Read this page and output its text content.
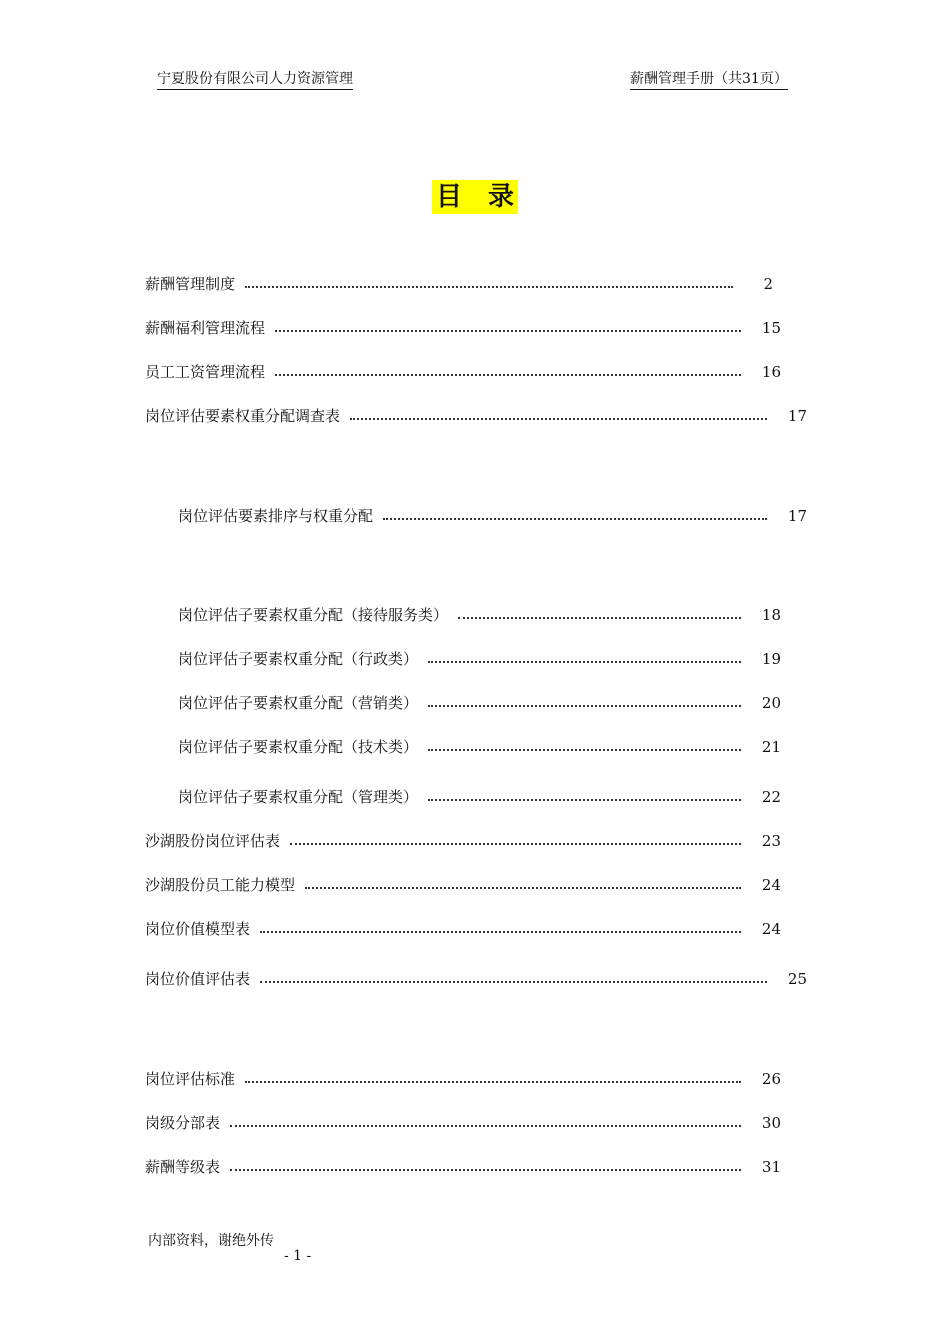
宁夏股份有限公司人力资源管理	薪酬管理手册（共31页）
目　录
薪酬管理制度	2
薪酬福利管理流程	15
员工工资管理流程	16
岗位评估要素权重分配调查表	17
岗位评估要素排序与权重分配	17
岗位评估子要素权重分配（接待服务类）	18
岗位评估子要素权重分配（行政类）	19
岗位评估子要素权重分配（营销类）	20
岗位评估子要素权重分配（技术类）	21
岗位评估子要素权重分配（管理类）	22
沙湖股份岗位评估表	23
沙湖股份员工能力模型	24
岗位价值模型表	24
岗位价值评估表	25
岗位评估标准	26
岗级分部表	30
薪酬等级表	31
内部资料，谢绝外传
- 1 -
